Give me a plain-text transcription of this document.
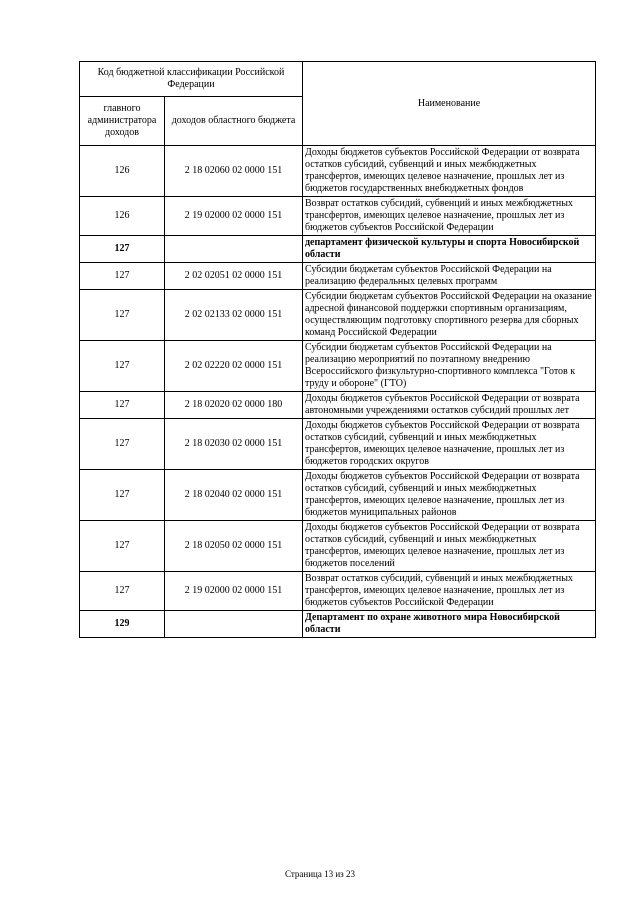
Код бюджетной классификации Российской Федерации		Наименование
главного администратора доходов	доходов областного бюджета	
126	2 18 02060 02 0000 151	Доходы бюджетов субъектов Российской Федерации от возврата остатков субсидий, субвенций и иных межбюджетных трансфертов, имеющих целевое назначение, прошлых лет из бюджетов государственных внебюджетных фондов
126	2 19 02000 02 0000 151	Возврат остатков субсидий, субвенций и иных межбюджетных трансфертов, имеющих целевое назначение, прошлых лет из бюджетов субъектов Российской Федерации
127		департамент физической культуры и спорта Новосибирской области
127	2 02 02051 02 0000 151	Субсидии бюджетам субъектов Российской Федерации на реализацию федеральных целевых программ
127	2 02 02133 02 0000 151	Субсидии бюджетам субъектов Российской Федерации на оказание адресной финансовой поддержки спортивным организациям, осуществляющим подготовку спортивного резерва для сборных команд Российской Федерации
127	2 02 02220 02 0000 151	Субсидии бюджетам субъектов Российской Федерации на реализацию мероприятий по поэтапному внедрению Всероссийского физкультурно-спортивного комплекса "Готов к труду и обороне" (ГТО)
127	2 18 02020 02 0000 180	Доходы бюджетов субъектов Российской Федерации от возврата автономными учреждениями остатков субсидий прошлых лет
127	2 18 02030 02 0000 151	Доходы бюджетов субъектов Российской Федерации от возврата остатков субсидий, субвенций и иных межбюджетных трансфертов, имеющих целевое назначение, прошлых лет из бюджетов городских округов
127	2 18 02040 02 0000 151	Доходы бюджетов субъектов Российской Федерации от возврата остатков субсидий, субвенций и иных межбюджетных трансфертов, имеющих целевое назначение, прошлых лет из бюджетов муниципальных районов
127	2 18 02050 02 0000 151	Доходы бюджетов субъектов Российской Федерации от возврата остатков субсидий, субвенций и иных межбюджетных трансфертов, имеющих целевое назначение, прошлых лет из бюджетов поселений
127	2 19 02000 02 0000 151	Возврат остатков субсидий, субвенций и иных межбюджетных трансфертов, имеющих целевое назначение, прошлых лет из бюджетов субъектов Российской Федерации
129		Департамент по охране животного мира Новосибирской области
Страница 13 из 23
